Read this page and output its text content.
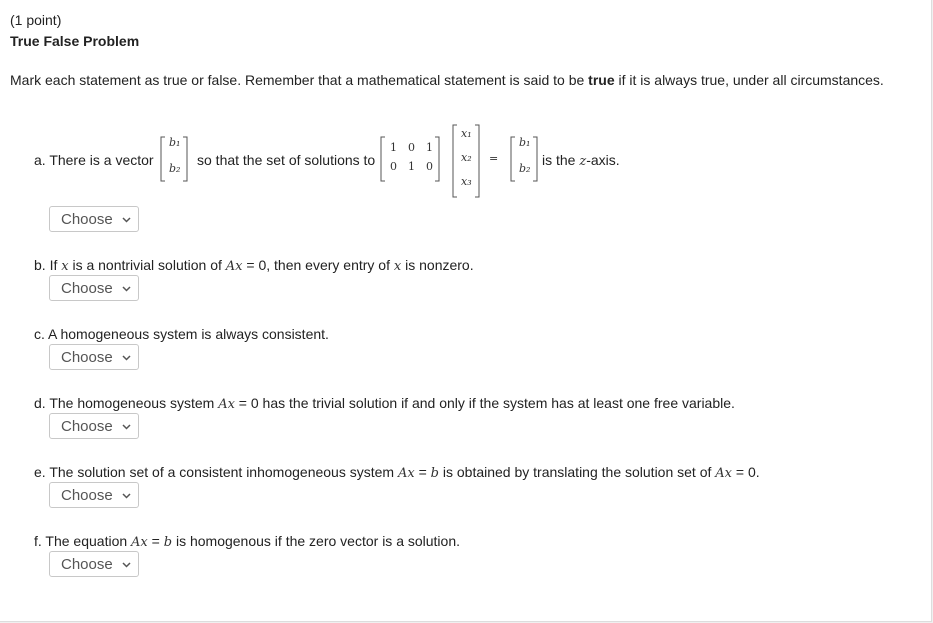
(1 point)
True False Problem
Mark each statement as true or false. Remember that a mathematical statement is said to be true if it is always true, under all circumstances.
a. There is a vector
b₁
b₂
so that the set of solutions to
1 0 1
0 1 0
x₁
x₂
x₃
=
b₁
b₂
is the z-axis.
Choose
b. If x is a nontrivial solution of Ax = 0, then every entry of x is nonzero.
Choose
c. A homogeneous system is always consistent.
Choose
d. The homogeneous system Ax = 0 has the trivial solution if and only if the system has at least one free variable.
Choose
e. The solution set of a consistent inhomogeneous system Ax = b is obtained by translating the solution set of Ax = 0.
Choose
f. The equation Ax = b is homogenous if the zero vector is a solution.
Choose
